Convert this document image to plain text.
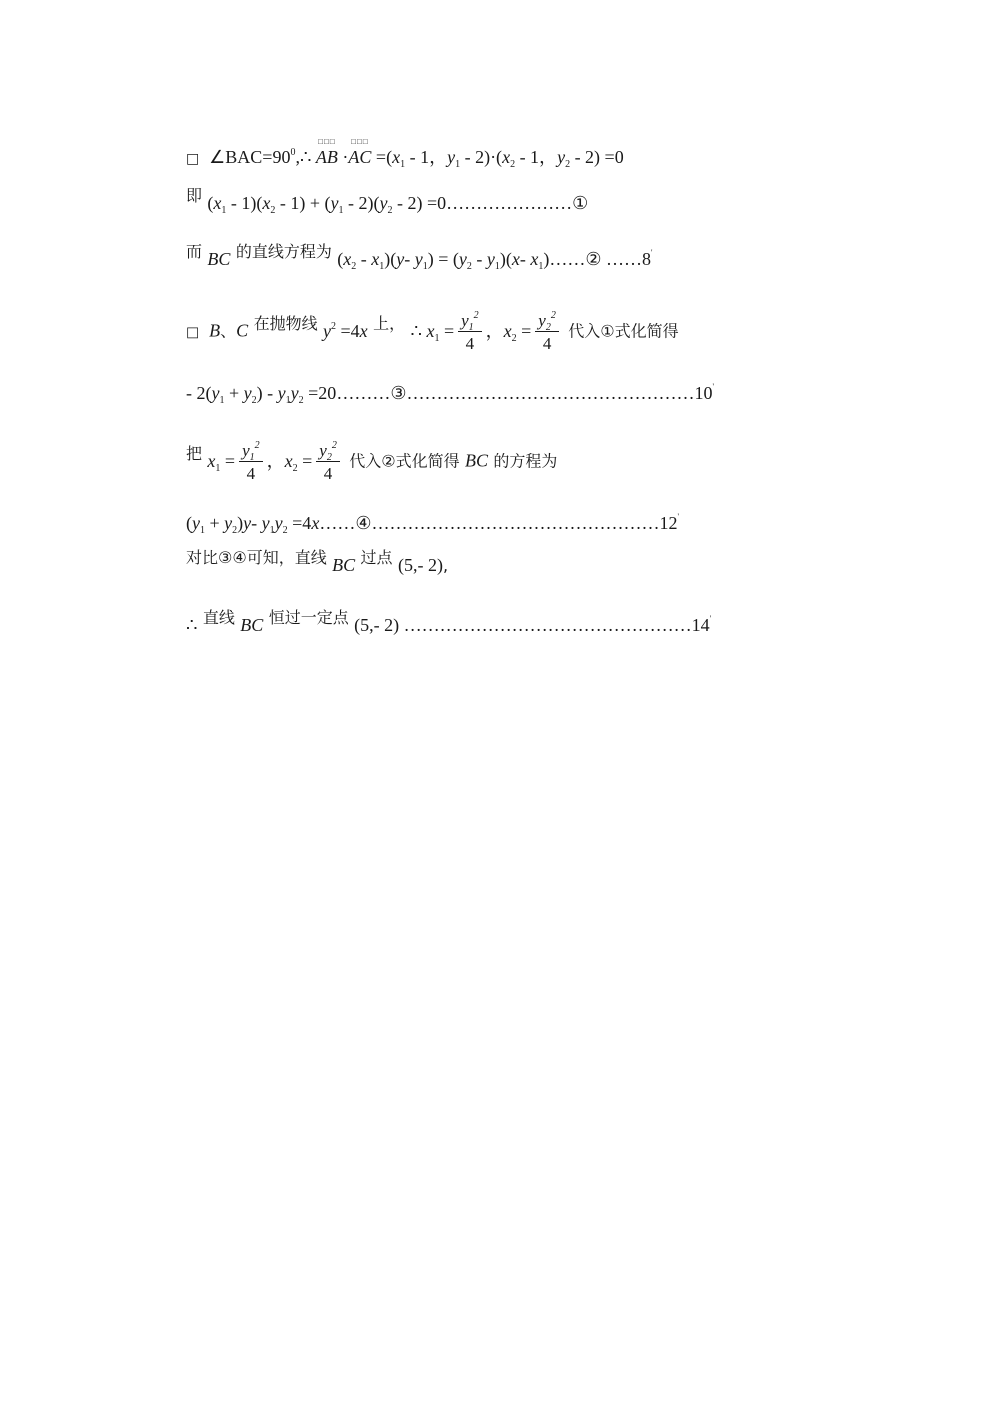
□ $\angle BAC=90^0,\therefore$
□□□
AB ·
□□□
AC $=(x_1 - 1$，$y_1 - 2)\cdot(x_2 - 1$，$y_2 - 2) =0$
即 $(x_1 - 1)(x_2 - 1) + (y_1 - 2)(y_2 - 2)$ =0…………………①
而 BC 的直线方程为 $(x_2 - x_1)(y-$ $y_1) = (y_2 - y_1)(x-$ $x_1)\dots\dots ②$ ……8'
□  B、C 在抛物线 $y^2 =4x$ 上， ∴ $x_1 = \frac{y_1^2}{4}$ ，$x_2 = \frac{y_2^2}{4}$ 代入①式化简得
- $2(y_1 + y_2) - y_1y_2$ =20………③…………………………………………10'
把 $x_1 = \frac{y_1^2}{4}$ ，$x_2 = \frac{y_2^2}{4}$ 代入②式化简得 BC 的方程为
$(y_1 + y_2)y-$ $y_1y_2$ =4x……④…………………………………………12'
对比③④可知，直线 BC 过点 (5,- 2),
∴ 直线 BC 恒过一定点 (5,- 2) …………………………………………14'
